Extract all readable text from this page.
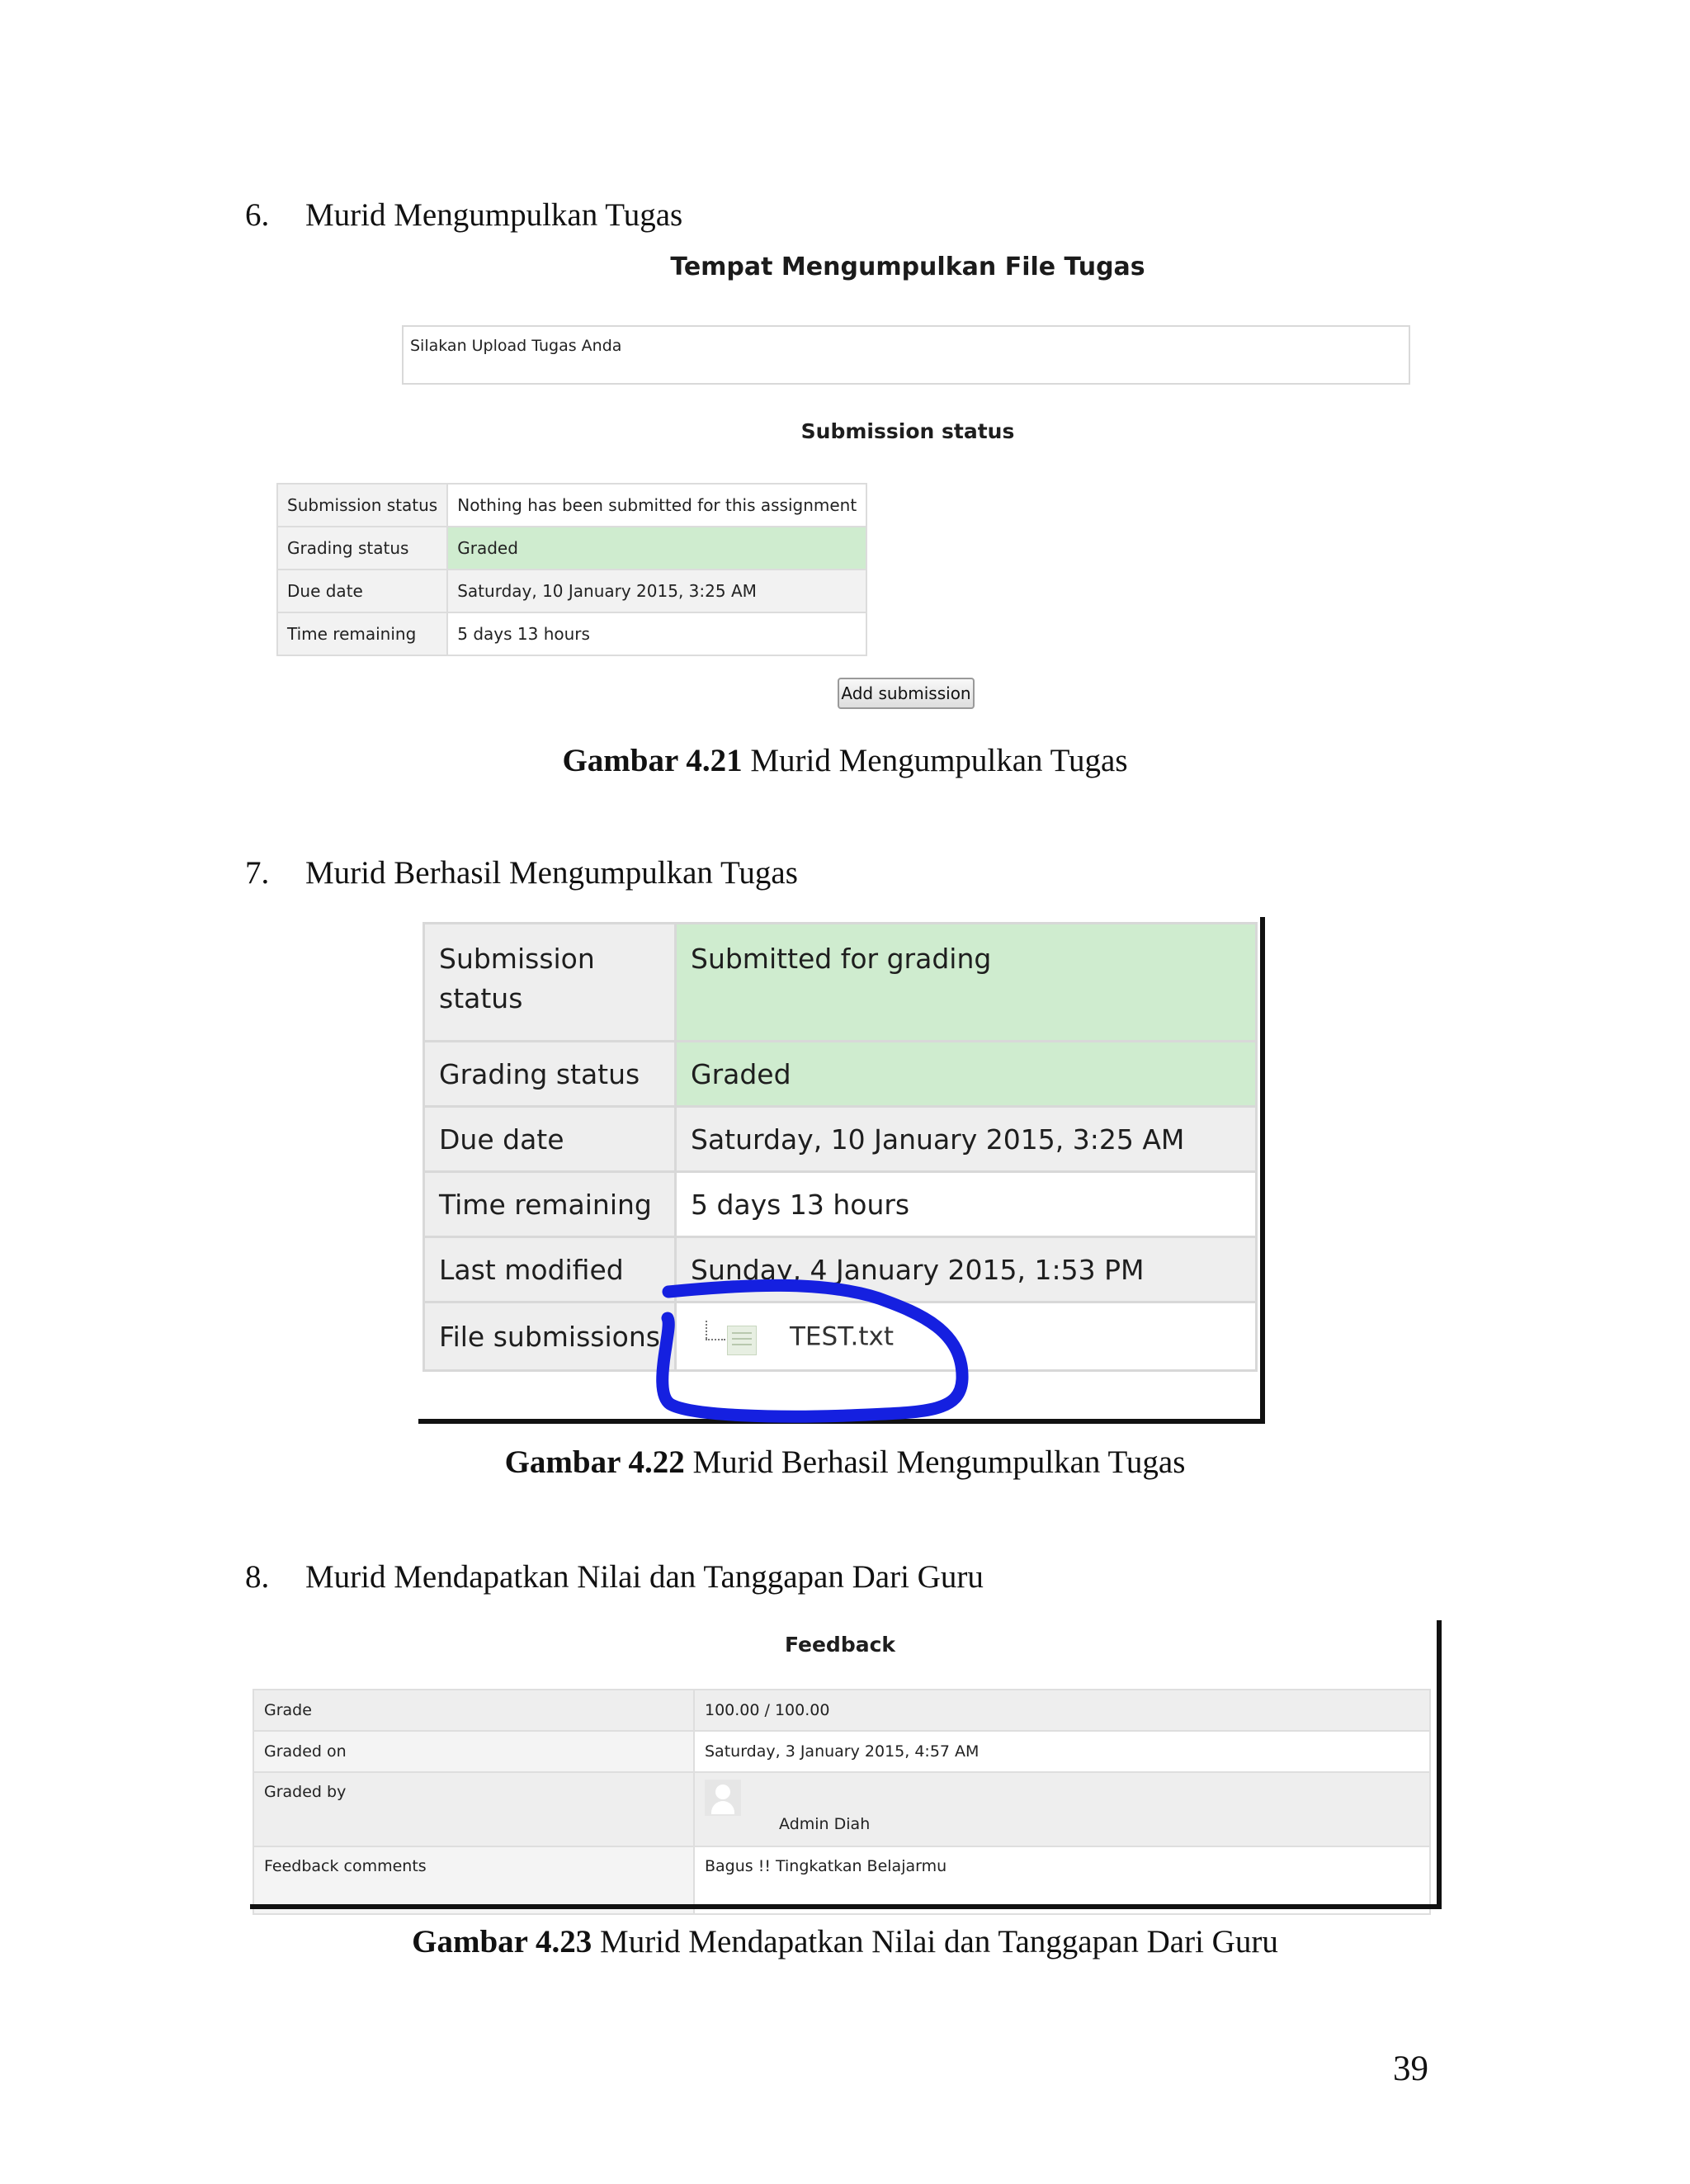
6. Murid Mengumpulkan Tugas
Tempat Mengumpulkan File Tugas
Silakan Upload Tugas Anda
Submission status
Submission status	Nothing has been submitted for this assignment
Grading status	Graded
Due date	Saturday, 10 January 2015, 3:25 AM
Time remaining	5 days 13 hours
Add submission
Gambar 4.21 Murid Mengumpulkan Tugas
7. Murid Berhasil Mengumpulkan Tugas
Submission status	Submitted for grading
Grading status	Graded
Due date	Saturday, 10 January 2015, 3:25 AM
Time remaining	5 days 13 hours
Last modified	Sunday, 4 January 2015, 1:53 PM
File submissions	TEST.txt
Gambar 4.22 Murid Berhasil Mengumpulkan Tugas
8. Murid Mendapatkan Nilai dan Tanggapan Dari Guru
Feedback
Grade	100.00 / 100.00
Graded on	Saturday, 3 January 2015, 4:57 AM
Graded by	Admin Diah
Feedback comments	Bagus !! Tingkatkan Belajarmu
Gambar 4.23 Murid Mendapatkan Nilai dan Tanggapan Dari Guru
39
